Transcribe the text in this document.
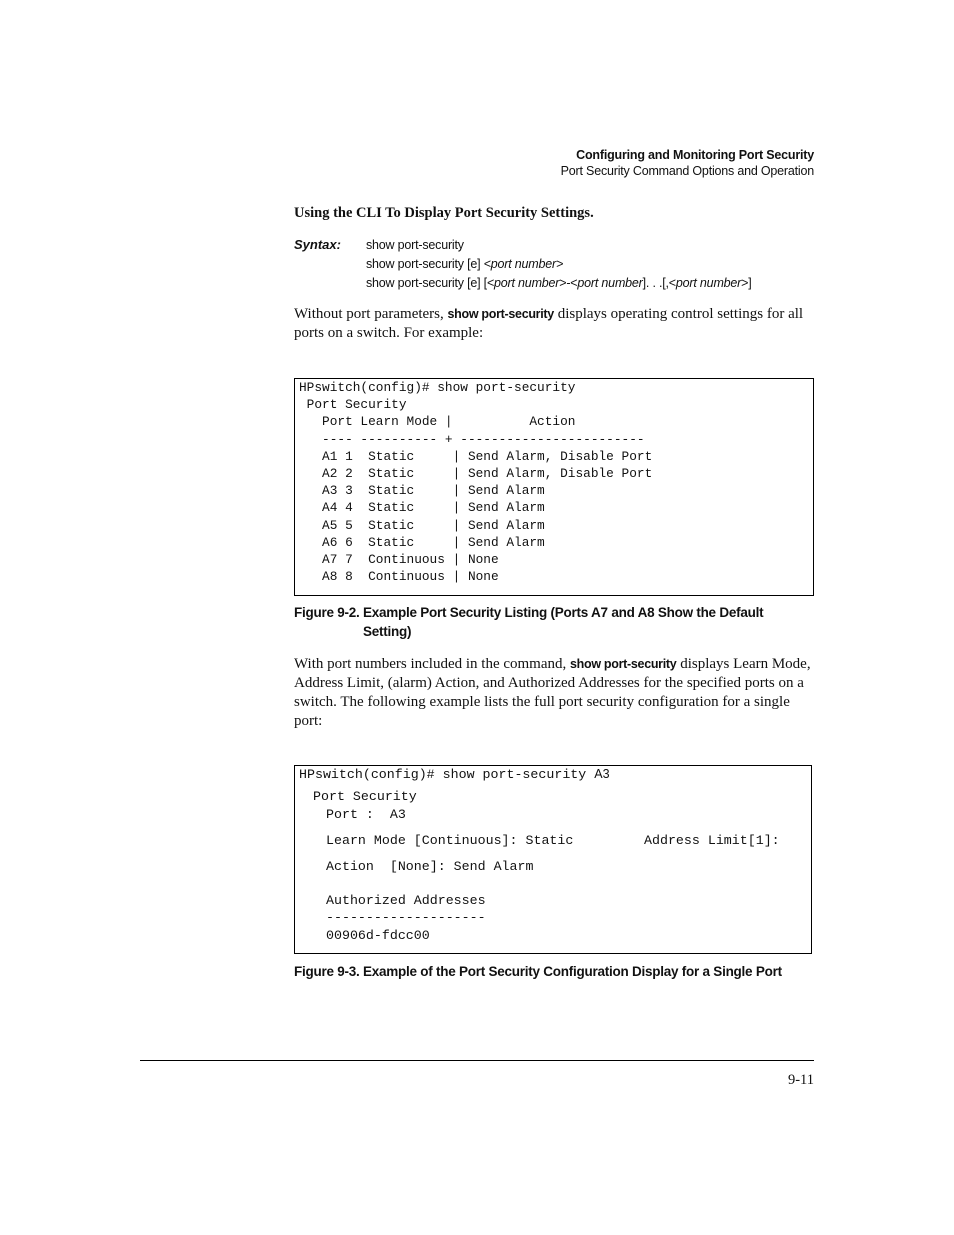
Configuring and Monitoring Port Security
Port Security Command Options and Operation
Using the CLI To Display Port Security Settings.
Syntax: show port-security
show port-security [e] <port number>
show port-security [e] [<port number>-<port number]. . .[,<port number>]
Without port parameters, show port-security displays operating control settings for all ports on a switch. For example:
HPswitch(config)# show port-security
Port Security
Port Learn Mode |          Action
---- ---------- + ------------------------
A1 1  Static     | Send Alarm, Disable Port
A2 2  Static     | Send Alarm, Disable Port
A3 3  Static     | Send Alarm
A4 4  Static     | Send Alarm
A5 5  Static     | Send Alarm
A6 6  Static     | Send Alarm
A7 7  Continuous | None
A8 8  Continuous | None
Figure 9-2. Example Port Security Listing (Ports A7 and A8 Show the Default
Setting)
With port numbers included in the command, show port-security displays Learn Mode, Address Limit, (alarm) Action, and Authorized Addresses for the specified ports on a switch. The following example lists the full port security configuration for a single port:
HPswitch(config)# show port-security A3
Port Security
Port :  A3
Learn Mode [Continuous]: Static	Address Limit[1]:
Action  [None]: Send Alarm
Authorized Addresses
--------------------
00906d-fdcc00
Figure 9-3. Example of the Port Security Configuration Display for a Single Port
9-11
